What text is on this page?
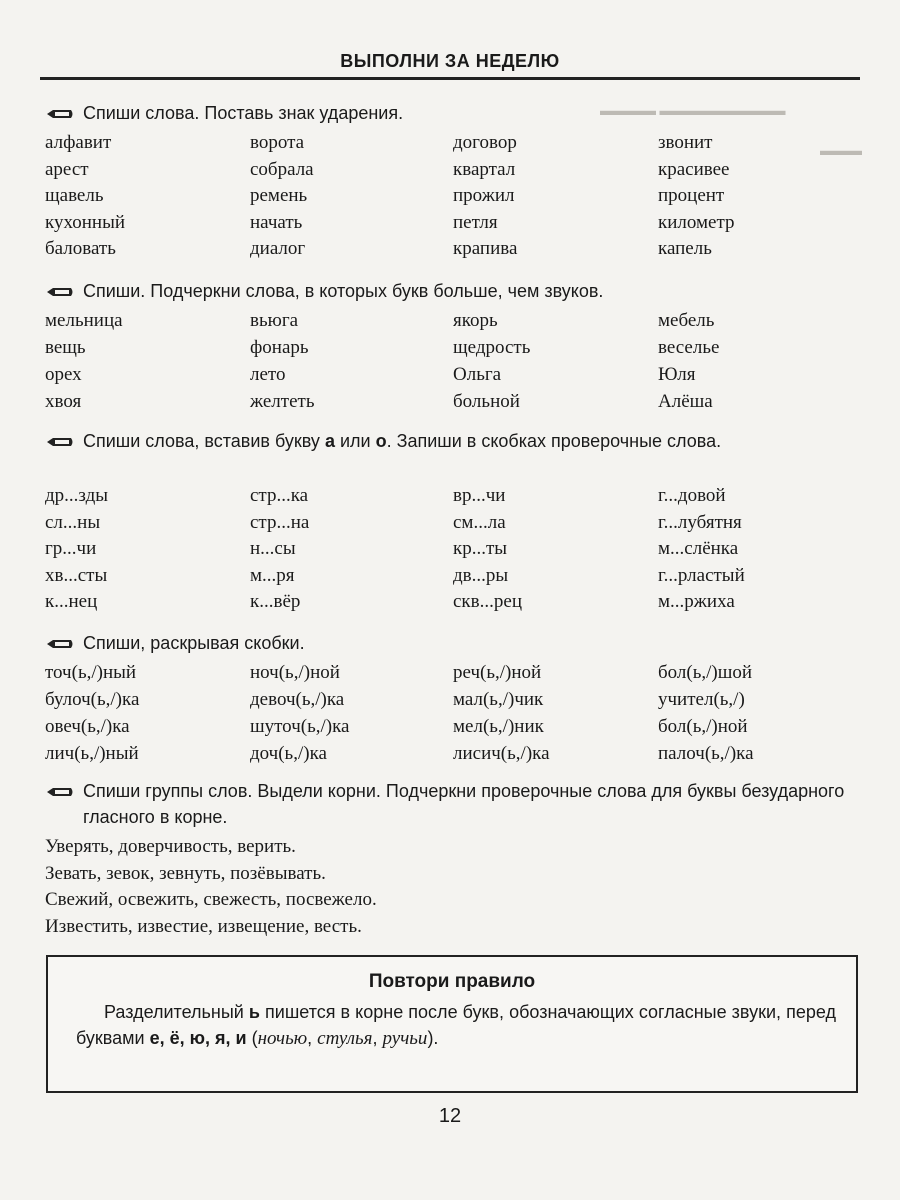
▬▬▬▬ ▬▬▬▬▬▬▬▬▬
▬▬▬
ВЫПОЛНИ ЗА НЕДЕЛЮ
Спиши слова. Поставь знак ударения.
алфавит	ворота	договор	звонит
арест	собрала	квартал	красивее
щавель	ремень	прожил	процент
кухонный	начать	петля	километр
баловать	диалог	крапива	капель
Спиши. Подчеркни слова, в которых букв больше, чем звуков.
мельница	вьюга	якорь	мебель
вещь	фонарь	щедрость	веселье
орех	лето	Ольга	Юля
хвоя	желтеть	больной	Алёша
Спиши слова, вставив букву а или о. Запиши в скобках проверочные слова.
др...зды	стр...ка	вр...чи	г...довой
сл...ны	стр...на	см...ла	г...лубятня
гр...чи	н...сы	кр...ты	м...слёнка
хв...сты	м...ря	дв...ры	г...рластый
к...нец	к...вёр	скв...рец	м...ржиха
Спиши, раскрывая скобки.
точ(ь,/)ный	ноч(ь,/)ной	реч(ь,/)ной	бол(ь,/)шой
булоч(ь,/)ка	девоч(ь,/)ка	мал(ь,/)чик	учител(ь,/)
овеч(ь,/)ка	шуточ(ь,/)ка	мел(ь,/)ник	бол(ь,/)ной
лич(ь,/)ный	доч(ь,/)ка	лисич(ь,/)ка	палоч(ь,/)ка
Спиши группы слов. Выдели корни. Подчеркни проверочные слова для буквы безударного гласного в корне.
Уверять, доверчивость, верить.
Зевать, зевок, зевнуть, позёвывать.
Свежий, освежить, свежесть, посвежело.
Известить, известие, извещение, весть.
Повтори правило
Разделительный ь пишется в корне после букв, обозначающих согласные звуки, перед буквами е, ё, ю, я, и (ночью, стулья, ручьи).
12
